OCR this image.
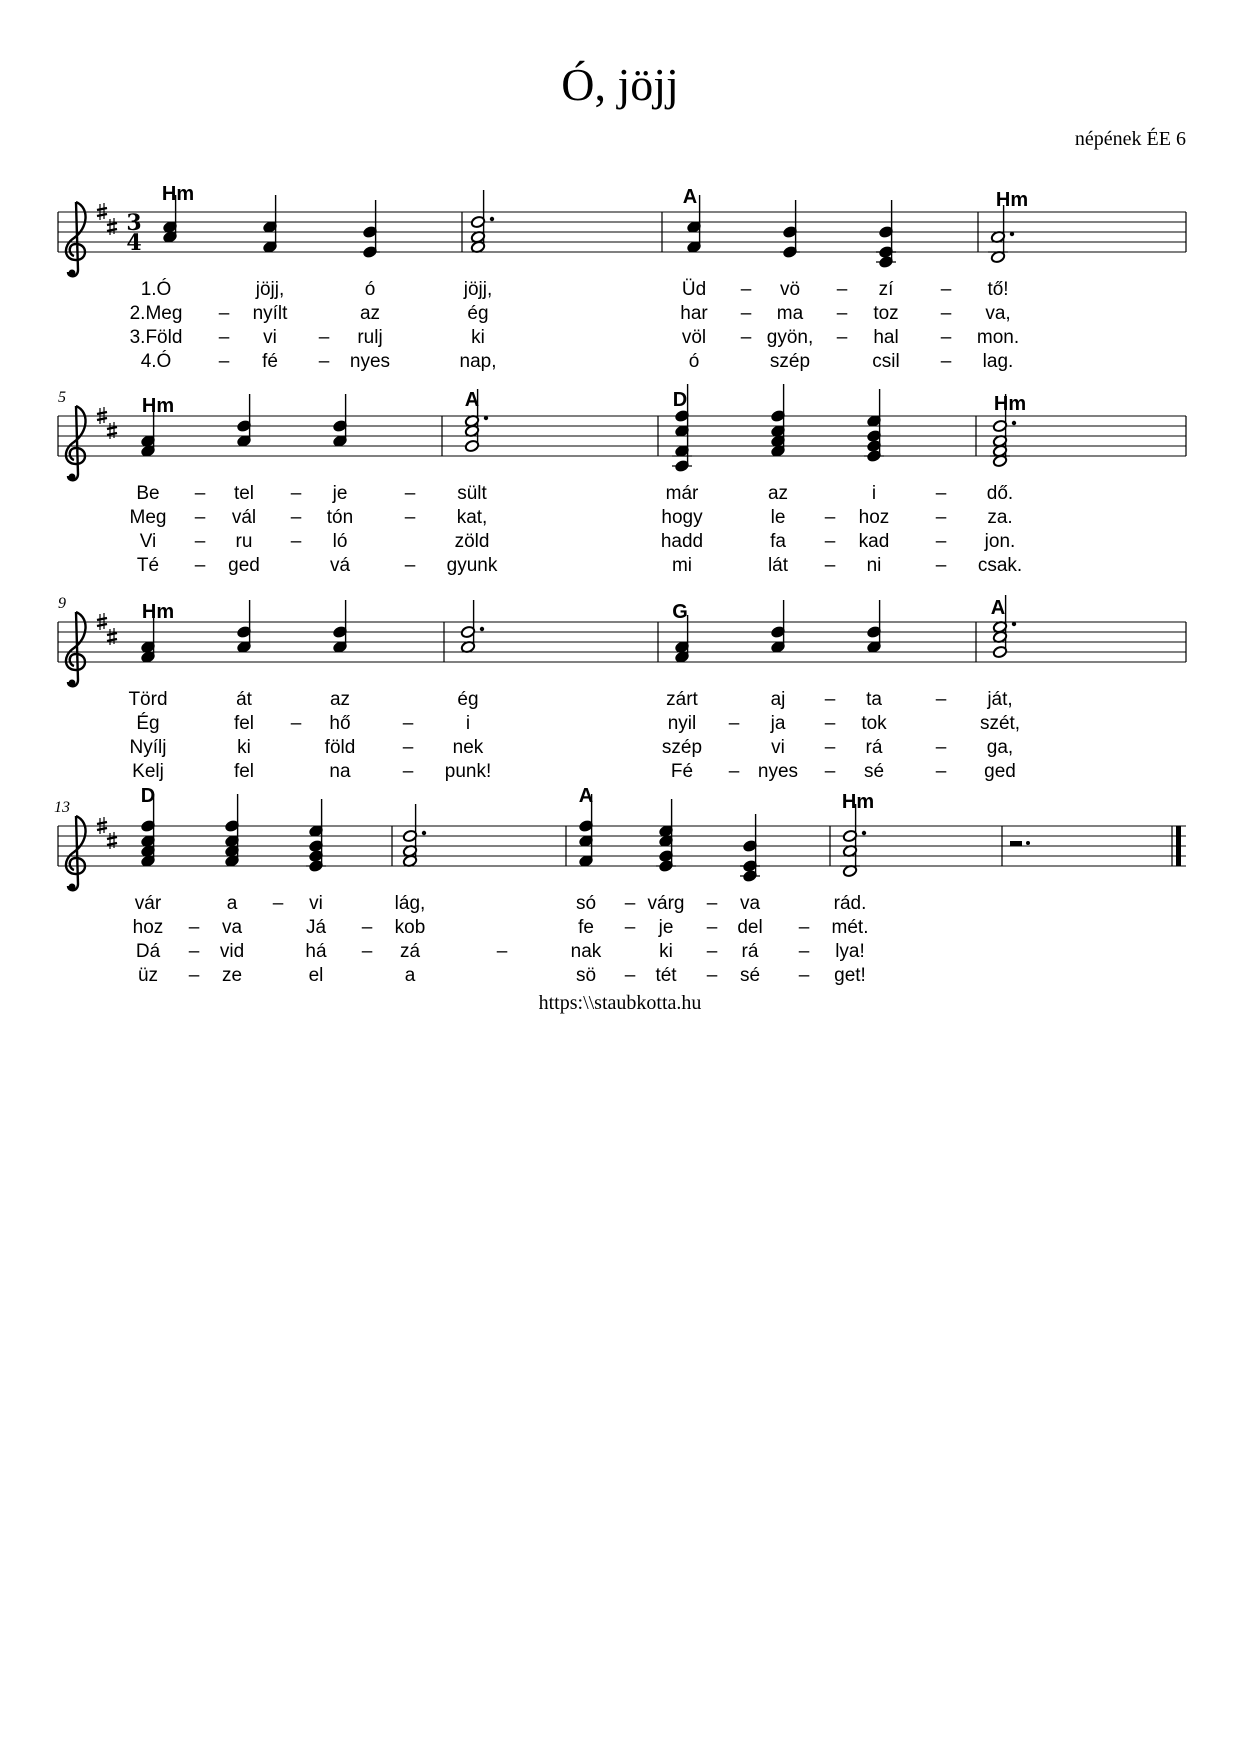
Ó, jöjj
népének ÉE 6
3
4
Hm	A	Hm
1.Ó	jöjj,	ó	jöjj,	Üd – vö – zí – tő!
2.Meg – nyílt	az	ég	har – ma – toz – va,
3.Föld – vi – rulj	ki	völ – gyön, – hal – mon.
4.Ó – fé – nyes	nap,	ó	szép	csil – lag.
5	Hm	A	D	Hm
Be – tel – je	– sült	már	az	i	– dő.
Meg – vál – tón	– kat,	hogy	le – hoz – za.
Vi – ru – ló	zöld	hadd	fa – kad – jon.
Té – ged	vá	– gyunk	mi	lát – ni	– csak.
9	Hm	G	A
Törd	át	az	ég	zárt	aj – ta	– ját,
Ég	fel – hő	–	i	nyil – ja – tok	szét,
Nyílj	ki	föld – nek	szép	vi – rá	– ga,
Kelj	fel	na	– punk!	Fé – nyes – sé	– ged
13
D	A	Hm
vár	a – vi	lág,	só – várg – va	rád.
hoz – va	Já – kob	fe – je – del – mét.
Dá – vid	há – zá	–	nak	ki – rá – lya!
üz – ze	el	a	sö – tét – sé – get!
https:\\staubkotta.hu
